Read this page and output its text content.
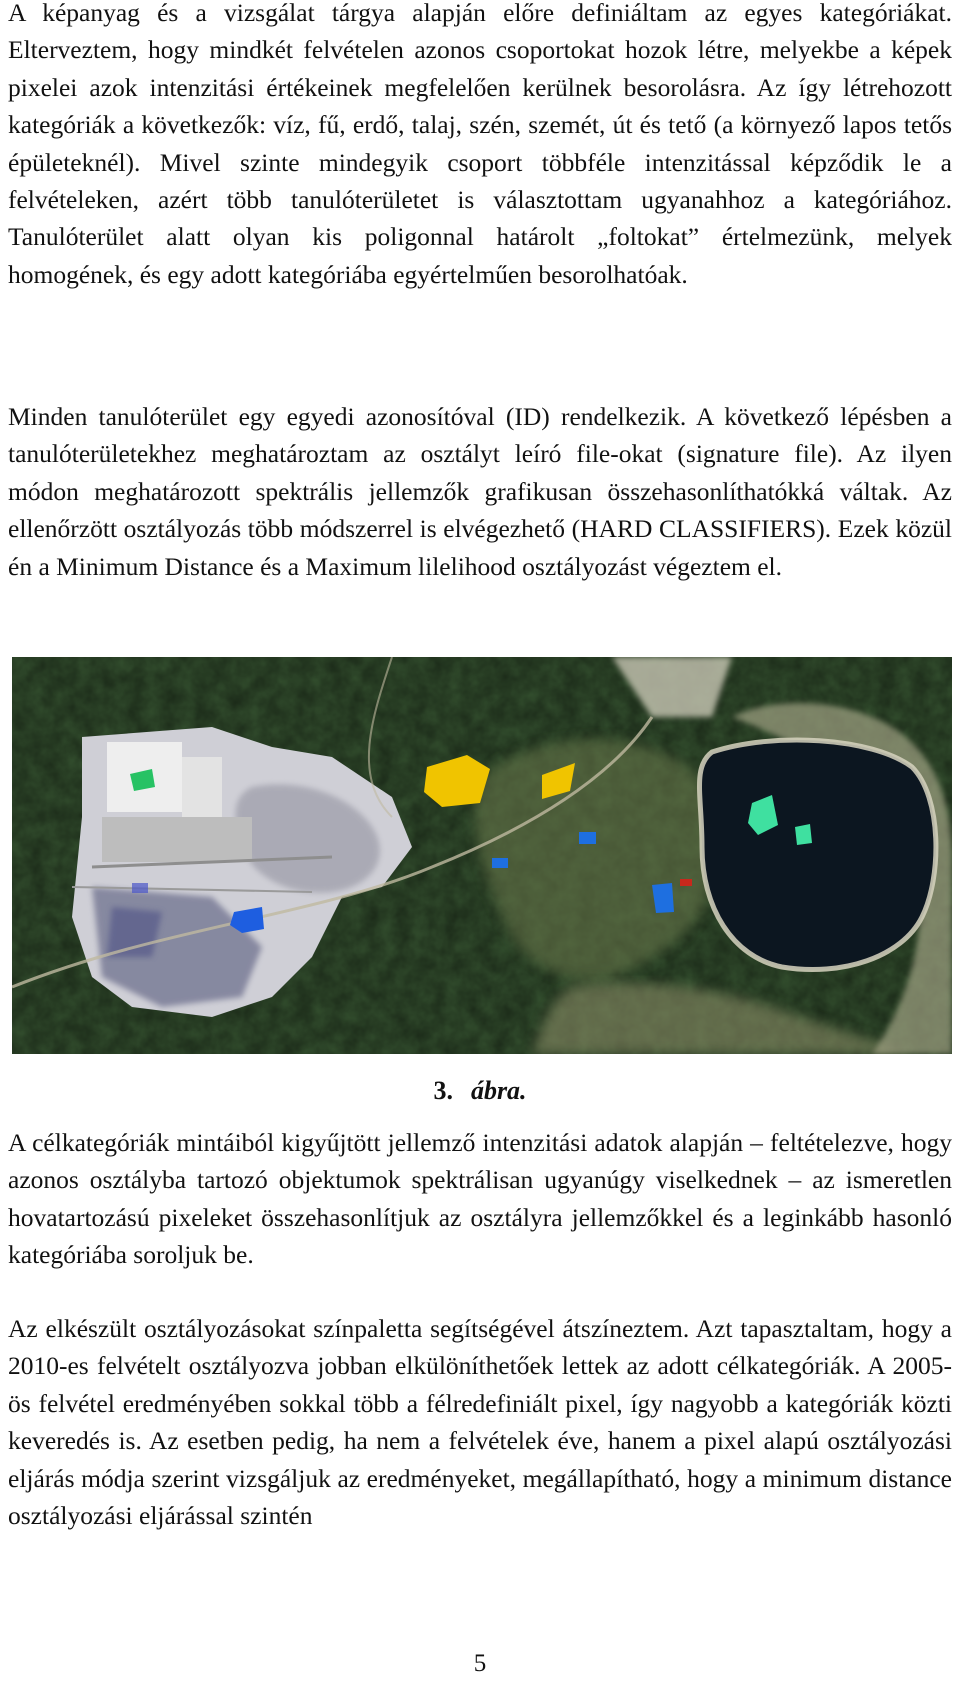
A képanyag és a vizsgálat tárgya alapján előre definiáltam az egyes kategóriákat. Elterveztem, hogy mindkét felvételen azonos csoportokat hozok létre, melyekbe a képek pixelei azok intenzitási értékeinek megfelelően kerülnek besorolásra. Az így létrehozott kategóriák a következők: víz, fű, erdő, talaj, szén, szemét, út és tető (a környező lapos tetős épületeknél). Mivel szinte mindegyik csoport többféle intenzitással képződik le a felvételeken, azért több tanulóterületet is választottam ugyanahhoz a kategóriához. Tanulóterület alatt olyan kis poligonnal határolt „foltokat” értelmezünk, melyek homogének, és egy adott kategóriába egyértelműen besorolhatóak.

Minden tanulóterület egy egyedi azonosítóval (ID) rendelkezik. A következő lépésben a tanulóterületekhez meghatároztam az osztályt leíró file-okat (signature file). Az ilyen módon meghatározott spektrális jellemzők grafikusan összehasonlíthatókká váltak. Az ellenőrzött osztályozás több módszerrel is elvégezhető (HARD CLASSIFIERS). Ezek közül én a Minimum Distance és a Maximum lilelihood osztályozást végeztem el.

3. ábra.

A célkategóriák mintáiból kigyűjtött jellemző intenzitási adatok alapján – feltételezve, hogy azonos osztályba tartozó objektumok spektrálisan ugyanúgy viselkednek – az ismeretlen hovatartozású pixeleket összehasonlítjuk az osztályra jellemzőkkel és a leginkább hasonló kategóriába soroljuk be.

Az elkészült osztályozásokat színpaletta segítségével átszíneztem. Azt tapasztaltam, hogy a 2010-es felvételt osztályozva jobban elkülöníthetőek lettek az adott célkategóriák. A 2005-ös felvétel eredményében sokkal több a félredefiniált pixel, így nagyobb a kategóriák közti keveredés is. Az esetben pedig, ha nem a felvételek éve, hanem a pixel alapú osztályozási eljárás módja szerint vizsgáljuk az eredményeket, megállapítható, hogy a minimum distance osztályozási eljárással szintén

5
